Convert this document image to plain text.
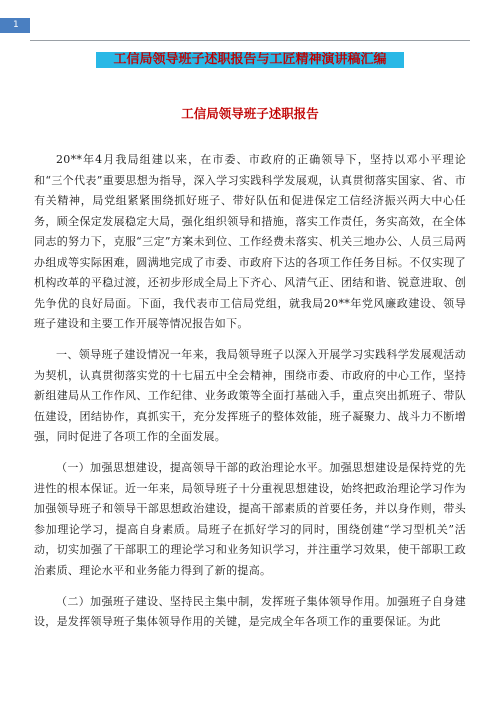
1
工信局领导班子述职报告与工匠精神演讲稿汇编
工信局领导班子述职报告

20**年4月我局组建以来，在市委、市政府的正确领导下，坚持以邓小平理论和“三个代表”重要思想为指导，深入学习实践科学发展观，认真贯彻落实国家、省、市有关精神，局党组紧紧围绕抓好班子、带好队伍和促进保定工信经济振兴两大中心任务，顾全保定发展稳定大局，强化组织领导和措施，落实工作责任，务实高效，在全体同志的努力下，克服“三定”方案未到位、工作经费未落实、机关三地办公、人员三局两办组成等实际困难，圆满地完成了市委、市政府下达的各项工作任务目标。不仅实现了机构改革的平稳过渡，还初步形成全局上下齐心、风清气正、团结和谐、锐意进取、创先争优的良好局面。下面，我代表市工信局党组，就我局20**年党风廉政建设、领导班子建设和主要工作开展等情况报告如下。

一、领导班子建设情况一年来，我局领导班子以深入开展学习实践科学发展观活动为契机，认真贯彻落实党的十七届五中全会精神，围绕市委、市政府的中心工作，坚持新组建局从工作作风、工作纪律、业务政策等全面打基础入手，重点突出抓班子、带队伍建设，团结协作，真抓实干，充分发挥班子的整体效能，班子凝聚力、战斗力不断增强，同时促进了各项工作的全面发展。

（一）加强思想建设，提高领导干部的政治理论水平。加强思想建设是保持党的先进性的根本保证。近一年来，局领导班子十分重视思想建设，始终把政治理论学习作为加强领导班子和领导干部思想政治建设，提高干部素质的首要任务，并以身作则，带头参加理论学习，提高自身素质。局班子在抓好学习的同时，围绕创建“学习型机关”活动，切实加强了干部职工的理论学习和业务知识学习，并注重学习效果，使干部职工政治素质、理论水平和业务能力得到了新的提高。

（二）加强班子建设、坚持民主集中制，发挥班子集体领导作用。加强班子自身建设，是发挥领导班子集体领导作用的关键，是完成全年各项工作的重要保证。为此
